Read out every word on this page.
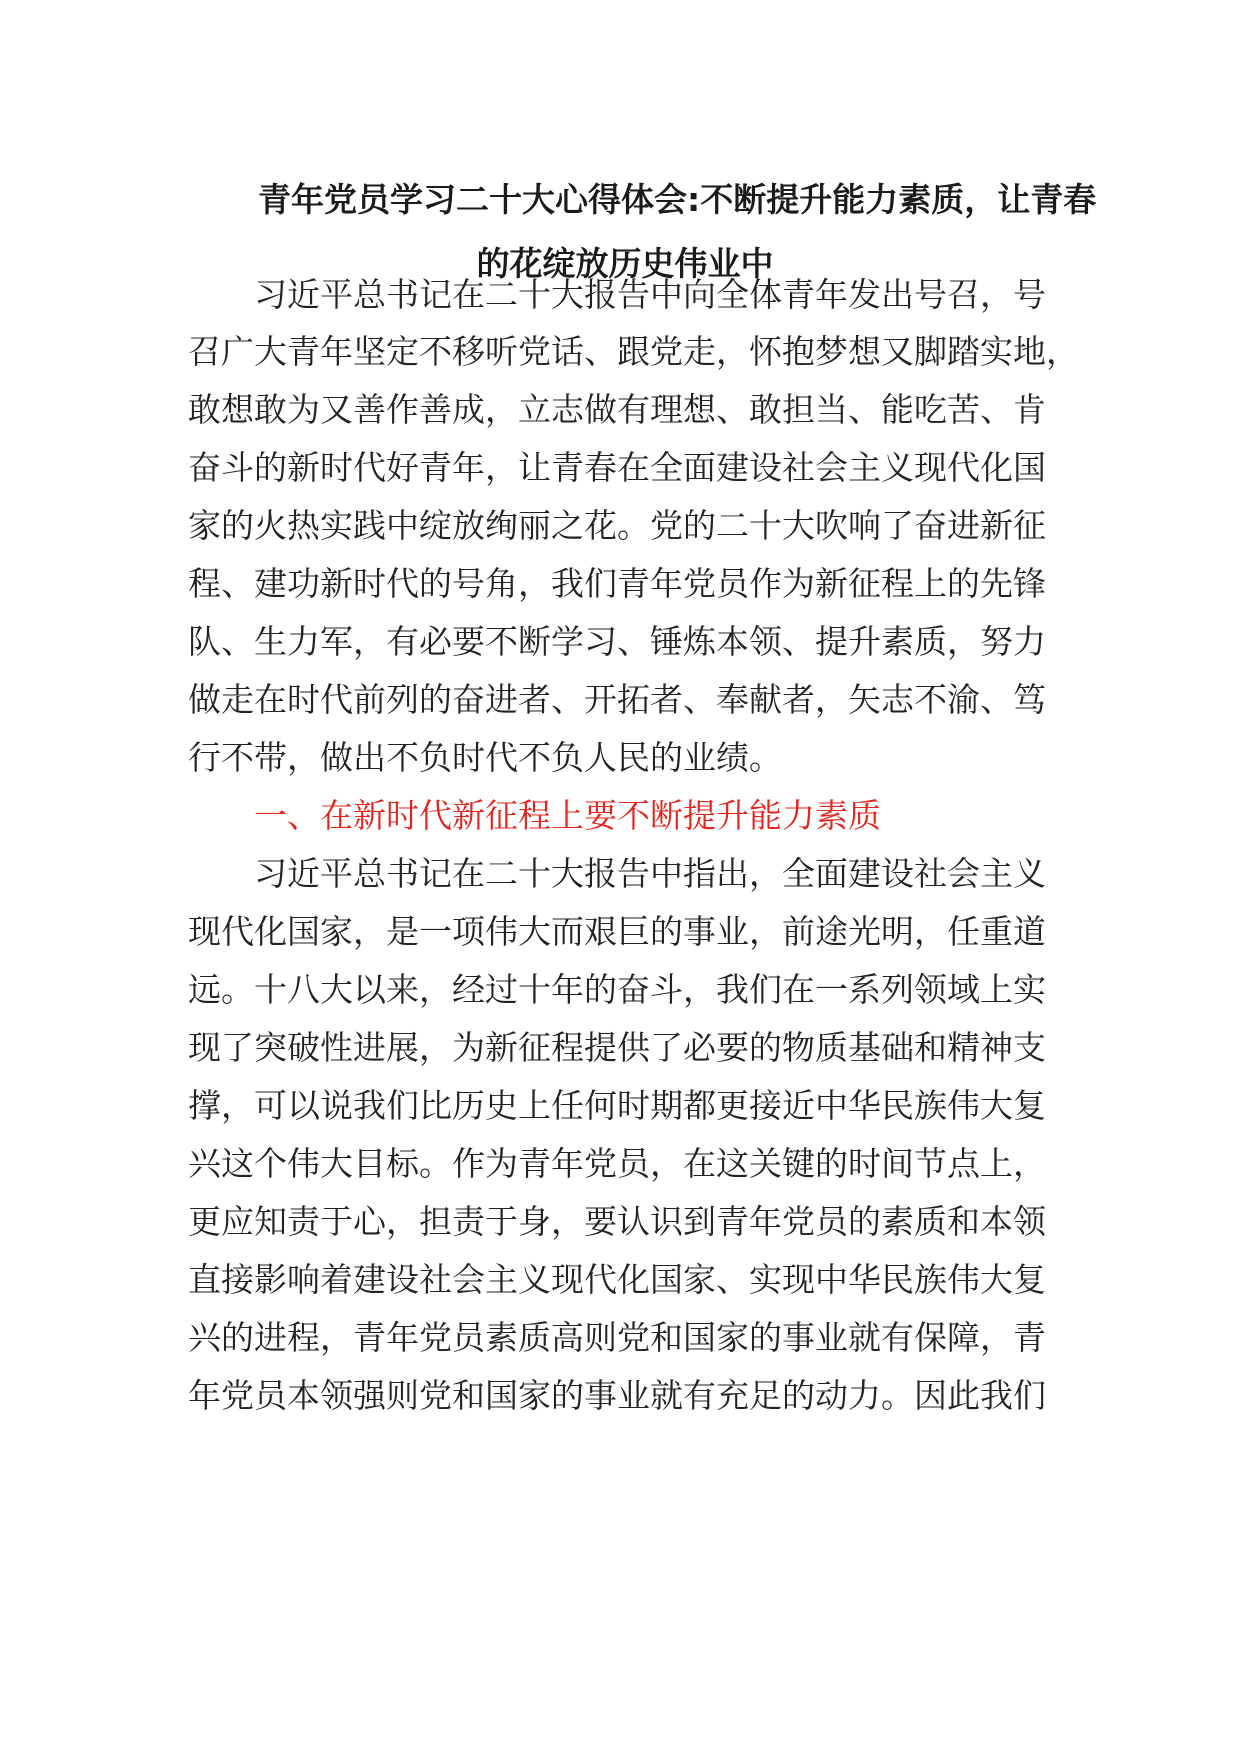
青年党员学习二十大心得体会:不断提升能力素质，让青春
的花绽放历史伟业中
习近平总书记在二十大报告中向全体青年发出号召，号
召广大青年坚定不移听党话、跟党走，怀抱梦想又脚踏实地，
敢想敢为又善作善成，立志做有理想、敢担当、能吃苦、肯
奋斗的新时代好青年，让青春在全面建设社会主义现代化国
家的火热实践中绽放绚丽之花。党的二十大吹响了奋进新征
程、建功新时代的号角，我们青年党员作为新征程上的先锋
队、生力军，有必要不断学习、锤炼本领、提升素质，努力
做走在时代前列的奋进者、开拓者、奉献者，矢志不渝、笃
行不带，做出不负时代不负人民的业绩。
一、在新时代新征程上要不断提升能力素质
习近平总书记在二十大报告中指出，全面建设社会主义
现代化国家，是一项伟大而艰巨的事业，前途光明，任重道
远。十八大以来，经过十年的奋斗，我们在一系列领域上实
现了突破性进展，为新征程提供了必要的物质基础和精神支
撑，可以说我们比历史上任何时期都更接近中华民族伟大复
兴这个伟大目标。作为青年党员，在这关键的时间节点上，
更应知责于心，担责于身，要认识到青年党员的素质和本领
直接影响着建设社会主义现代化国家、实现中华民族伟大复
兴的进程，青年党员素质高则党和国家的事业就有保障，青
年党员本领强则党和国家的事业就有充足的动力。因此我们
